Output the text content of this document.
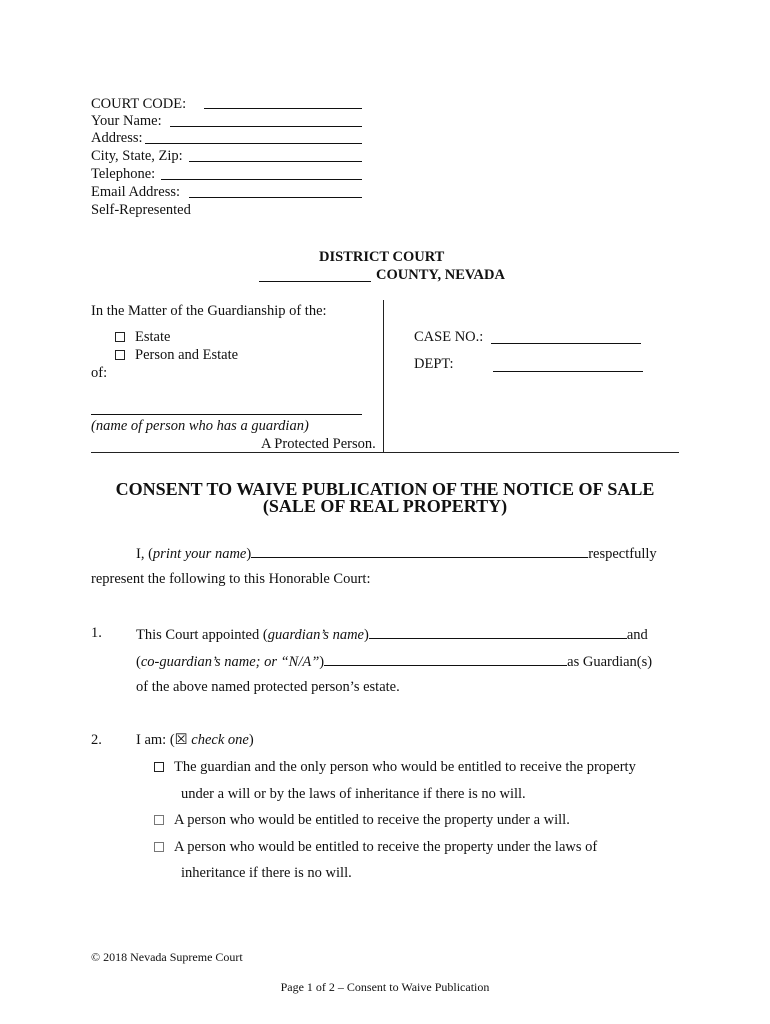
COURT CODE:
Your Name:
Address:
City, State, Zip:
Telephone:
Email Address:
Self-Represented
DISTRICT COURT
COUNTY, NEVADA
In the Matter of the Guardianship of the:
Estate
Person and Estate
of:
(name of person who has a guardian)
A Protected Person.
CASE NO.:
DEPT:
CONSENT TO WAIVE PUBLICATION OF THE NOTICE OF SALE
(SALE OF REAL PROPERTY)
I, (print your name)	respectfully
represent the following to this Honorable Court:
1. This Court appointed (guardian’s name)	and
(co-guardian’s name; or “N/A”)	as Guardian(s)
of the above named protected person’s estate.
2. I am: (☒ check one)
The guardian and the only person who would be entitled to receive the property
under a will or by the laws of inheritance if there is no will.
A person who would be entitled to receive the property under a will.
A person who would be entitled to receive the property under the laws of
inheritance if there is no will.
© 2018 Nevada Supreme Court
Page 1 of 2 – Consent to Waive Publication
